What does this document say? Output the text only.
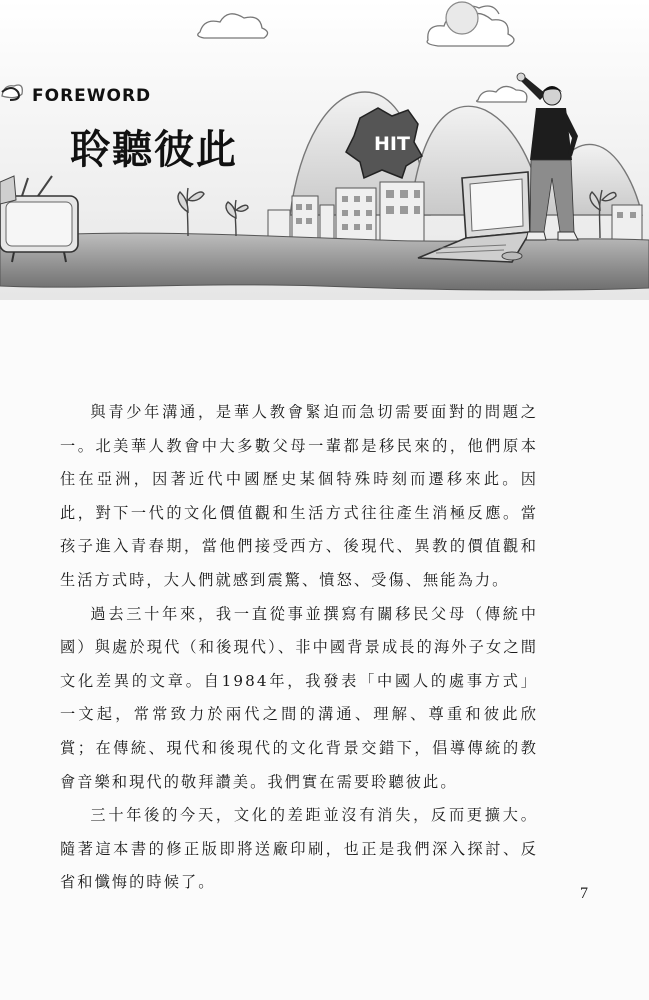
HIT
FOREWORD
聆聽彼此

與青少年溝通，是華人教會緊迫而急切需要面對的問題之一。北美華人教會中大多數父母一輩都是移民來的，他們原本住在亞洲，因著近代中國歷史某個特殊時刻而遷移來此。因此，對下一代的文化價值觀和生活方式往往產生消極反應。當孩子進入青春期，當他們接受西方、後現代、異教的價值觀和生活方式時，大人們就感到震驚、憤怒、受傷、無能為力。

過去三十年來，我一直從事並撰寫有關移民父母（傳統中國）與處於現代（和後現代）、非中國背景成長的海外子女之間文化差異的文章。自1984年，我發表「中國人的處事方式」一文起，常常致力於兩代之間的溝通、理解、尊重和彼此欣賞；在傳統、現代和後現代的文化背景交錯下，倡導傳統的教會音樂和現代的敬拜讚美。我們實在需要聆聽彼此。

三十年後的今天，文化的差距並沒有消失，反而更擴大。隨著這本書的修正版即將送廠印刷，也正是我們深入探討、反省和懺悔的時候了。

7
